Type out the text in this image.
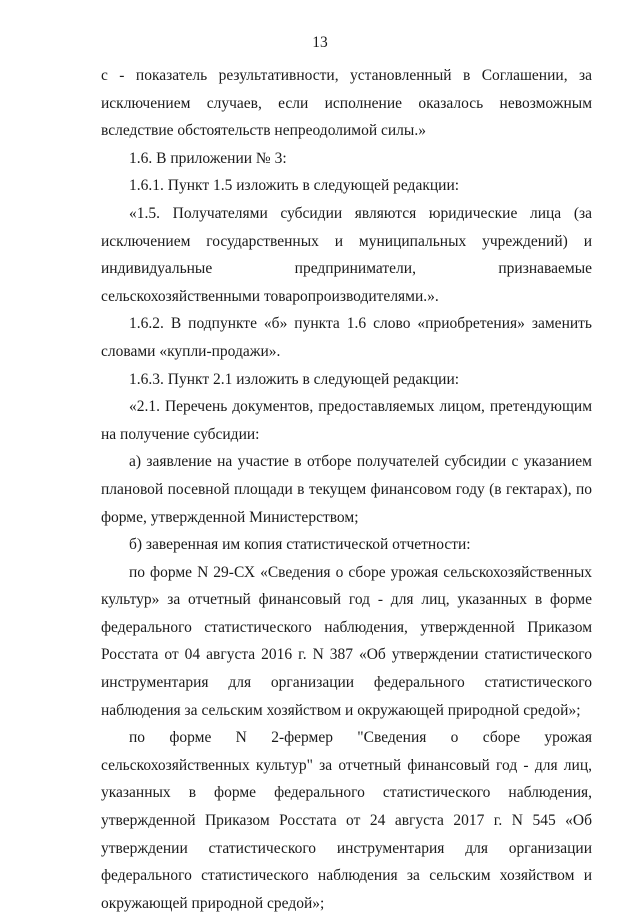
13

с - показатель результативности, установленный в Соглашении, за исключением случаев, если исполнение оказалось невозможным вследствие обстоятельств непреодолимой силы.»

1.6. В приложении № 3:

1.6.1. Пункт 1.5 изложить в следующей редакции:

«1.5. Получателями субсидии являются юридические лица (за исключением государственных и муниципальных учреждений) и индивидуальные предприниматели, признаваемые сельскохозяйственными товаропроизводителями.».

1.6.2. В подпункте «б» пункта 1.6 слово «приобретения» заменить словами «купли-продажи».

1.6.3. Пункт 2.1 изложить в следующей редакции:

«2.1. Перечень документов, предоставляемых лицом, претендующим на получение субсидии:

а) заявление на участие в отборе получателей субсидии с указанием плановой посевной площади в текущем финансовом году (в гектарах), по форме, утвержденной Министерством;

б) заверенная им копия статистической отчетности:

по форме N 29-СХ «Сведения о сборе урожая сельскохозяйственных культур» за отчетный финансовый год - для лиц, указанных в форме федерального статистического наблюдения, утвержденной Приказом Росстата от 04 августа 2016 г. N 387 «Об утверждении статистического инструментария для организации федерального статистического наблюдения за сельским хозяйством и окружающей природной средой»;

по форме N 2-фермер "Сведения о сборе урожая сельскохозяйственных культур" за отчетный финансовый год - для лиц, указанных в форме федерального статистического наблюдения, утвержденной Приказом Росстата от 24 августа 2017 г. N 545 «Об утверждении статистического инструментария для организации федерального статистического наблюдения за сельским хозяйством и окружающей природной средой»;
